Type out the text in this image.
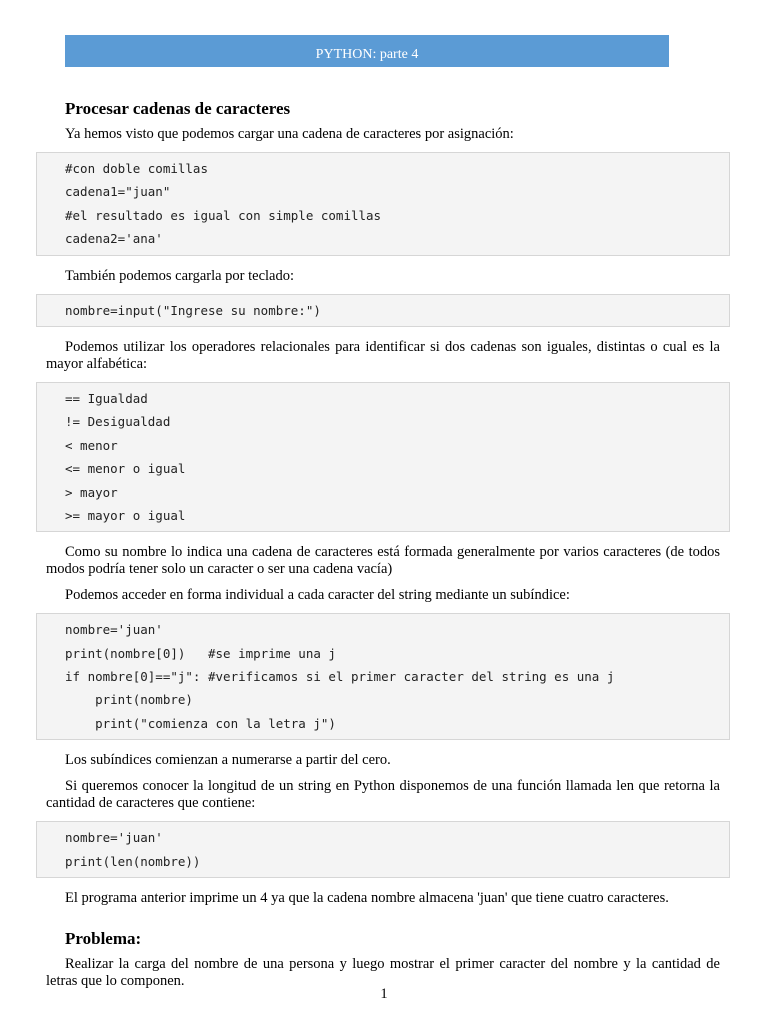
PYTHON: parte 4
Procesar cadenas de caracteres

Ya hemos visto que podemos cargar una cadena de caracteres por asignación:

#con doble comillas
cadena1="juan"
#el resultado es igual con simple comillas
cadena2='ana'

También podemos cargarla por teclado:

nombre=input("Ingrese su nombre:")

Podemos utilizar los operadores relacionales para identificar si dos cadenas son iguales, distintas o cual es la mayor alfabética:

== Igualdad
!= Desigualdad
< menor
<= menor o igual
> mayor
>= mayor o igual

Como su nombre lo indica una cadena de caracteres está formada generalmente por varios caracteres (de todos modos podría tener solo un caracter o ser una cadena vacía)

Podemos acceder en forma individual a cada caracter del string mediante un subíndice:

nombre='juan'
print(nombre[0])   #se imprime una j
if nombre[0]=="j": #verificamos si el primer caracter del string es una j
print(nombre)
print("comienza con la letra j")

Los subíndices comienzan a numerarse a partir del cero.

Si queremos conocer la longitud de un string en Python disponemos de una función llamada len que retorna la cantidad de caracteres que contiene:

nombre='juan'
print(len(nombre))

El programa anterior imprime un 4 ya que la cadena nombre almacena 'juan' que tiene cuatro caracteres.

Problema:

Realizar la carga del nombre de una persona y luego mostrar el primer caracter del nombre y la cantidad de letras que lo componen.

1
